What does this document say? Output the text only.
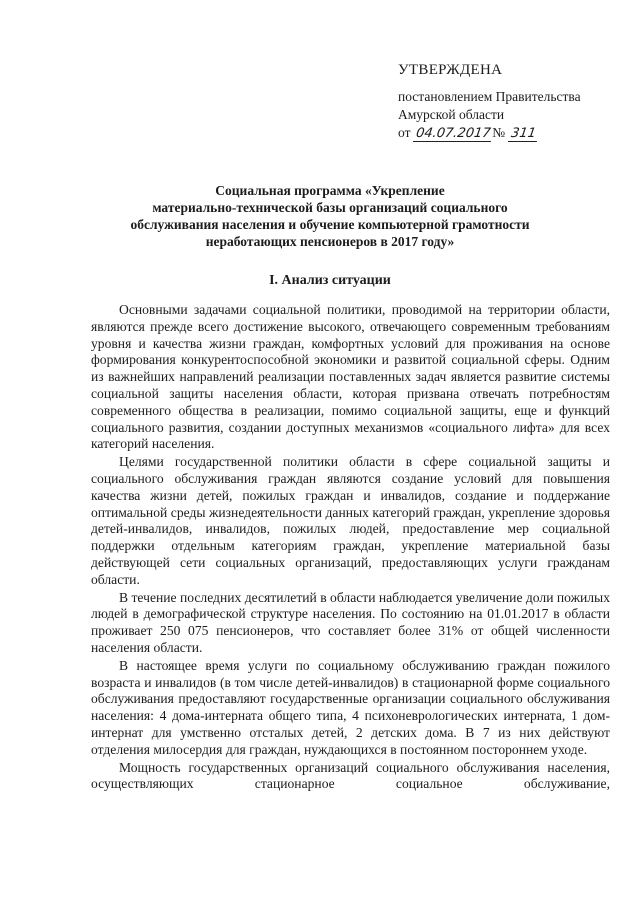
УТВЕРЖДЕНА
постановлением Правительства
Амурской области
от 04.07.2017№ 311
Социальная программа «Укрепление
материально-технической базы организаций социального
обслуживания населения и обучение компьютерной грамотности
неработающих пенсионеров в 2017 году»
I. Анализ ситуации

Основными задачами социальной политики, проводимой на территории области, являются прежде всего достижение высокого, отвечающего современным требованиям уровня и качества жизни граждан, комфортных условий для проживания на основе формирования конкурентоспособной экономики и развитой социальной сферы. Одним из важнейших направлений реализации поставленных задач является развитие системы социальной защиты населения области, которая призвана отвечать потребностям современного общества в реализации, помимо социальной защиты, еще и функций социального развития, создании доступных механизмов «социального лифта» для всех категорий населения.

Целями государственной политики области в сфере социальной защиты и социального обслуживания граждан являются создание условий для повышения качества жизни детей, пожилых граждан и инвалидов, создание и поддержание оптимальной среды жизнедеятельности данных категорий граждан, укрепление здоровья детей-инвалидов, инвалидов, пожилых людей, предоставление мер социальной поддержки отдельным категориям граждан, укрепление материальной базы действующей сети социальных организаций, предоставляющих услуги гражданам области.

В течение последних десятилетий в области наблюдается увеличение доли пожилых людей в демографической структуре населения. По состоянию на 01.01.2017 в области проживает 250 075 пенсионеров, что составляет более 31% от общей численности населения области.

В настоящее время услуги по социальному обслуживанию граждан пожилого возраста и инвалидов (в том числе детей-инвалидов) в стационарной форме социального обслуживания предоставляют государственные организации социального обслуживания населения: 4 дома-интерната общего типа, 4 психоневрологических интерната, 1 дом-интернат для умственно отсталых детей, 2 детских дома. В 7 из них действуют отделения милосердия для граждан, нуждающихся в постоянном постороннем уходе.

Мощность государственных организаций социального обслуживания населения, осуществляющих стационарное социальное обслуживание,
